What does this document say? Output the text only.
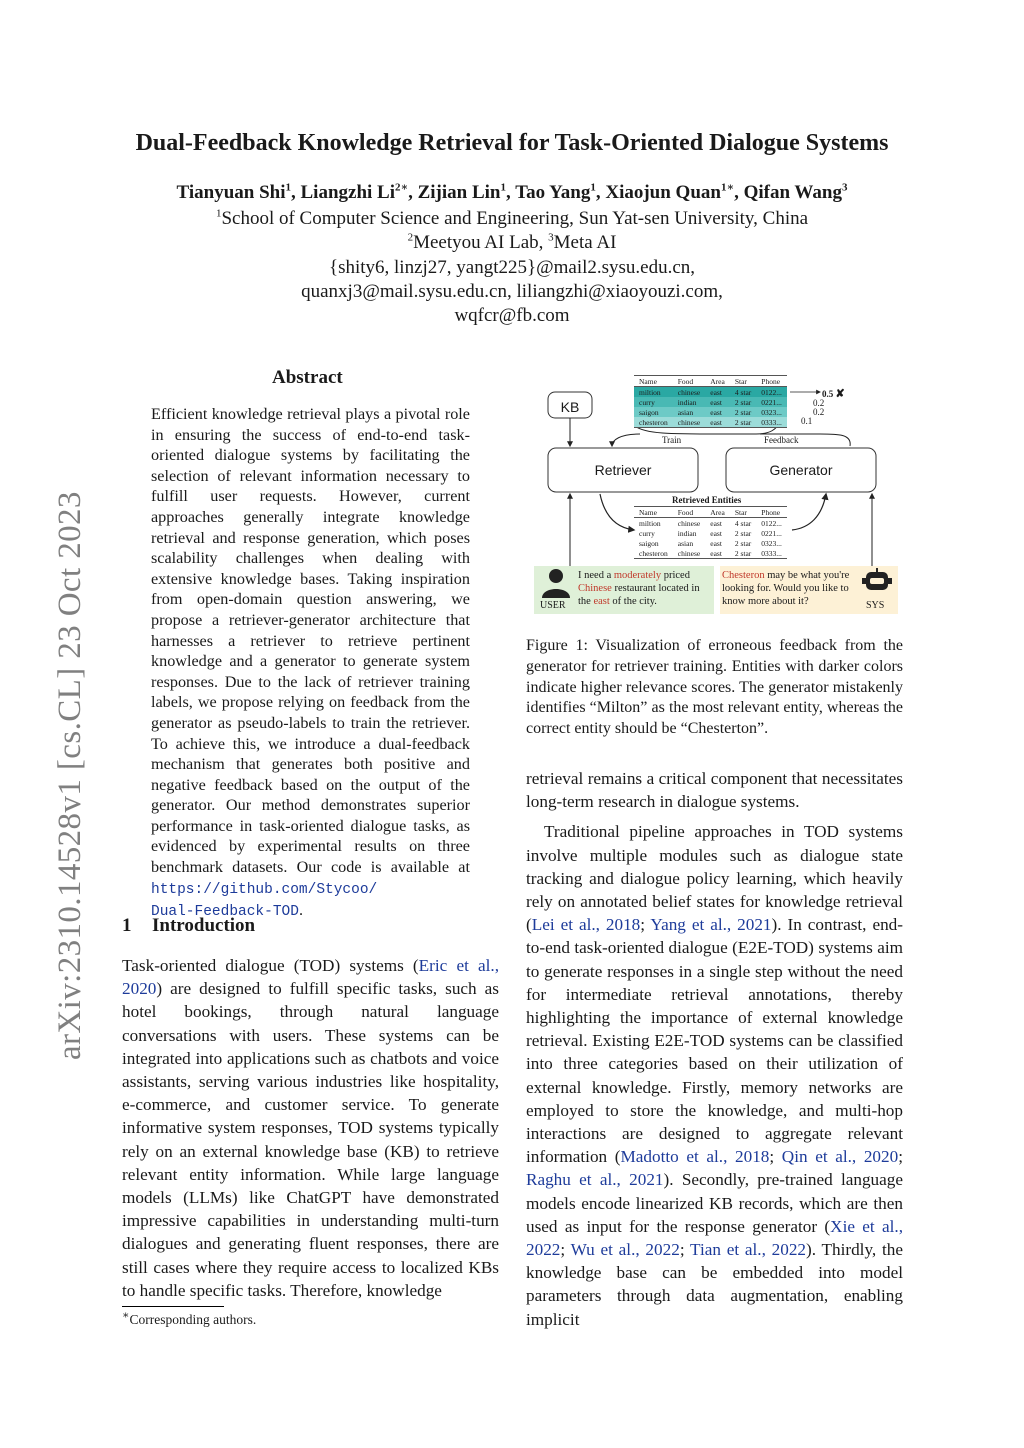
arXiv:2310.14528v1 [cs.CL] 23 Oct 2023
Dual-Feedback Knowledge Retrieval for Task-Oriented Dialogue Systems
Tianyuan Shi$^1$, Liangzhi $Li^{2∗}$, Zijian Lin$^1$, Tao Yang$^1$, Xiaojun Quan$^{1∗}$, Qifan Wang$^3$
$^1$School of Computer Science and Engineering, Sun Yat-sen University, China
$^2$Meetyou AI Lab, $^3$Meta AI
{shity6, linzj27, yangt225}@mail2.sysu.edu.cn,
quanxj3@mail.sysu.edu.cn, liliangzhi@xiaoyouzi.com,
wqfcr@fb.com
Abstract
Efficient knowledge retrieval plays a pivotal role in ensuring the success of end-to-end task-oriented dialogue systems by facilitating the selection of relevant information necessary to fulfill user requests. However, current approaches generally integrate knowledge retrieval and response generation, which poses scalability challenges when dealing with extensive knowledge bases. Taking inspiration from open-domain question answering, we propose a retriever-generator architecture that harnesses a retriever to retrieve pertinent knowledge and a generator to generate system responses. Due to the lack of retriever training labels, we propose relying on feedback from the generator as pseudo-labels to train the retriever. To achieve this, we introduce a dual-feedback mechanism that generates both positive and negative feedback based on the output of the generator. Our method demonstrates superior performance in task-oriented dialogue tasks, as evidenced by experimental results on three benchmark datasets. Our code is available at https://github.com/Stycoo/
Dual-Feedback-TOD.
1 Introduction

Task-oriented dialogue (TOD) systems (Eric et al., 2020) are designed to fulfill specific tasks, such as hotel bookings, through natural language conversations with users. These systems can be integrated into applications such as chatbots and voice assistants, serving various industries like hospitality, e-commerce, and customer service. To generate informative system responses, TOD systems typically rely on an external knowledge base (KB) to retrieve relevant entity information. While large language models (LLMs) like ChatGPT have demonstrated impressive capabilities in understanding multi-turn dialogues and generating fluent responses, there are still cases where they require access to localized KBs to handle specific tasks. Therefore, knowledge

∗Corresponding authors.
KB
Retriever	Generator
Train	Feedback
Name	Food	Area	Star	Phone
miltion	chinese	east	4 star	0122...
curry	indian	east	2 star	0221...
saigon	asian	east	2 star	0323...
chesteron	chinese	east	2 star	0333...
0.5 ✘
0.2
0.2
0.1
Retrieved Entities
Name	Food	Area	Star	Phone
miltion	chinese	east	4 star	0122...
curry	indian	east	2 star	0221...
saigon	asian	east	2 star	0323...
chesteron	chinese	east	2 star	0333...
I need a moderately priced Chinese restaurant located in the east of the city.
Chesteron may be what you're looking for. Would you like to know more about it?
USER	SYS
Figure 1: Visualization of erroneous feedback from the generator for retriever training. Entities with darker colors indicate higher relevance scores. The generator mistakenly identifies “Milton” as the most relevant entity, whereas the correct entity should be “Chesterton”.

retrieval remains a critical component that necessitates long-term research in dialogue systems.

Traditional pipeline approaches in TOD systems involve multiple modules such as dialogue state tracking and dialogue policy learning, which heavily rely on annotated belief states for knowledge retrieval (Lei et al., 2018; Yang et al., 2021). In contrast, end-to-end task-oriented dialogue (E2E-TOD) systems aim to generate responses in a single step without the need for intermediate retrieval annotations, thereby highlighting the importance of external knowledge retrieval. Existing E2E-TOD systems can be classified into three categories based on their utilization of external knowledge. Firstly, memory networks are employed to store the knowledge, and multi-hop interactions are designed to aggregate relevant information (Madotto et al., 2018; Qin et al., 2020; Raghu et al., 2021). Secondly, pre-trained language models encode linearized KB records, which are then used as input for the response generator (Xie et al., 2022; Wu et al., 2022; Tian et al., 2022). Thirdly, the knowledge base can be embedded into model parameters through data augmentation, enabling implicit
